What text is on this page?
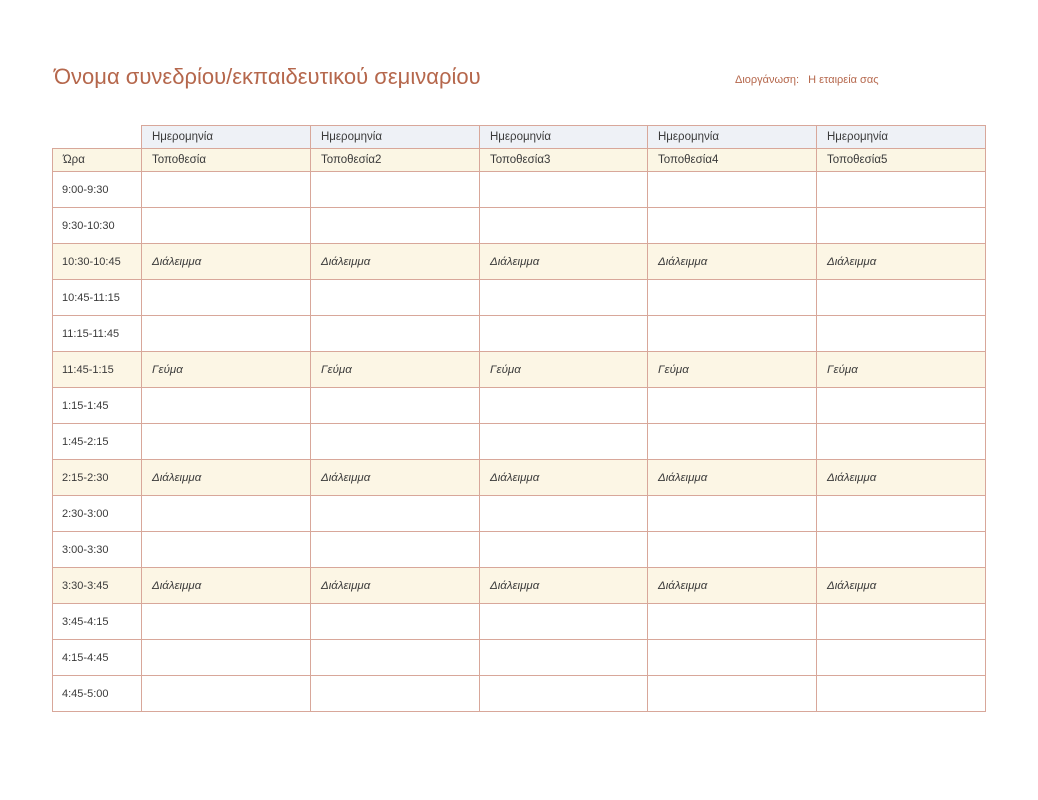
Όνομα συνεδρίου/εκπαιδευτικού σεμιναρίου	Διοργάνωση: Η εταιρεία σας
	Ημερομηνία	Ημερομηνία	Ημερομηνία	Ημερομηνία	Ημερομηνία
Ώρα	Τοποθεσία	Τοποθεσία2	Τοποθεσία3	Τοποθεσία4	Τοποθεσία5
9:00-9:30					
9:30-10:30					
10:30-10:45	Διάλειμμα	Διάλειμμα	Διάλειμμα	Διάλειμμα	Διάλειμμα
10:45-11:15					
11:15-11:45					
11:45-1:15	Γεύμα	Γεύμα	Γεύμα	Γεύμα	Γεύμα
1:15-1:45					
1:45-2:15					
2:15-2:30	Διάλειμμα	Διάλειμμα	Διάλειμμα	Διάλειμμα	Διάλειμμα
2:30-3:00					
3:00-3:30					
3:30-3:45	Διάλειμμα	Διάλειμμα	Διάλειμμα	Διάλειμμα	Διάλειμμα
3:45-4:15					
4:15-4:45					
4:45-5:00					
